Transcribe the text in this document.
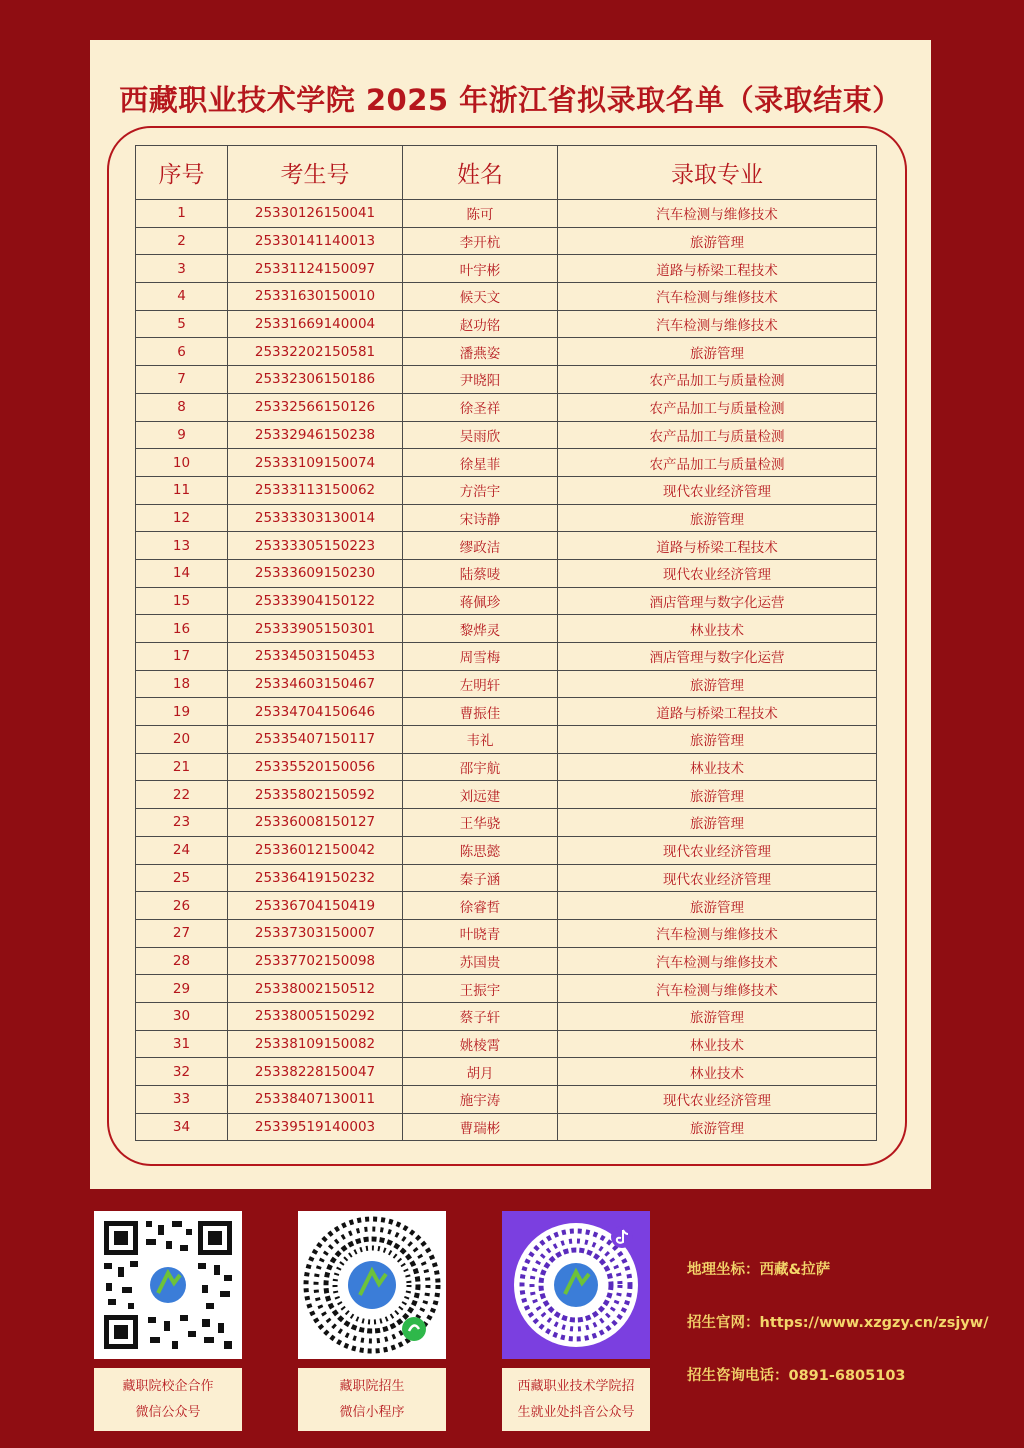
西藏职业技术学院 2025 年浙江省拟录取名单（录取结束）
序号	考生号	姓名	录取专业
1	25330126150041	陈可	汽车检测与维修技术
2	25330141140013	李开杭	旅游管理
3	25331124150097	叶宇彬	道路与桥梁工程技术
4	25331630150010	候天文	汽车检测与维修技术
5	25331669140004	赵功铭	汽车检测与维修技术
6	25332202150581	潘燕姿	旅游管理
7	25332306150186	尹晓阳	农产品加工与质量检测
8	25332566150126	徐圣祥	农产品加工与质量检测
9	25332946150238	吴雨欣	农产品加工与质量检测
10	25333109150074	徐星菲	农产品加工与质量检测
11	25333113150062	方浩宇	现代农业经济管理
12	25333303130014	宋诗静	旅游管理
13	25333305150223	缪政洁	道路与桥梁工程技术
14	25333609150230	陆蔡唛	现代农业经济管理
15	25333904150122	蒋佩珍	酒店管理与数字化运营
16	25333905150301	黎烨灵	林业技术
17	25334503150453	周雪梅	酒店管理与数字化运营
18	25334603150467	左明轩	旅游管理
19	25334704150646	曹振佳	道路与桥梁工程技术
20	25335407150117	韦礼	旅游管理
21	25335520150056	邵宇航	林业技术
22	25335802150592	刘远建	旅游管理
23	25336008150127	王华骁	旅游管理
24	25336012150042	陈思懿	现代农业经济管理
25	25336419150232	秦子涵	现代农业经济管理
26	25336704150419	徐睿哲	旅游管理
27	25337303150007	叶晓青	汽车检测与维修技术
28	25337702150098	苏国贵	汽车检测与维修技术
29	25338002150512	王振宇	汽车检测与维修技术
30	25338005150292	蔡子轩	旅游管理
31	25338109150082	姚棱霄	林业技术
32	25338228150047	胡月	林业技术
33	25338407130011	施宇涛	现代农业经济管理
34	25339519140003	曹瑞彬	旅游管理
藏职院校企合作
微信公众号
藏职院招生
微信小程序
西藏职业技术学院招
生就业处抖音公众号
地理坐标：西藏&拉萨
招生官网：https://www.xzgzy.cn/zsjyw/
招生咨询电话：0891-6805103
